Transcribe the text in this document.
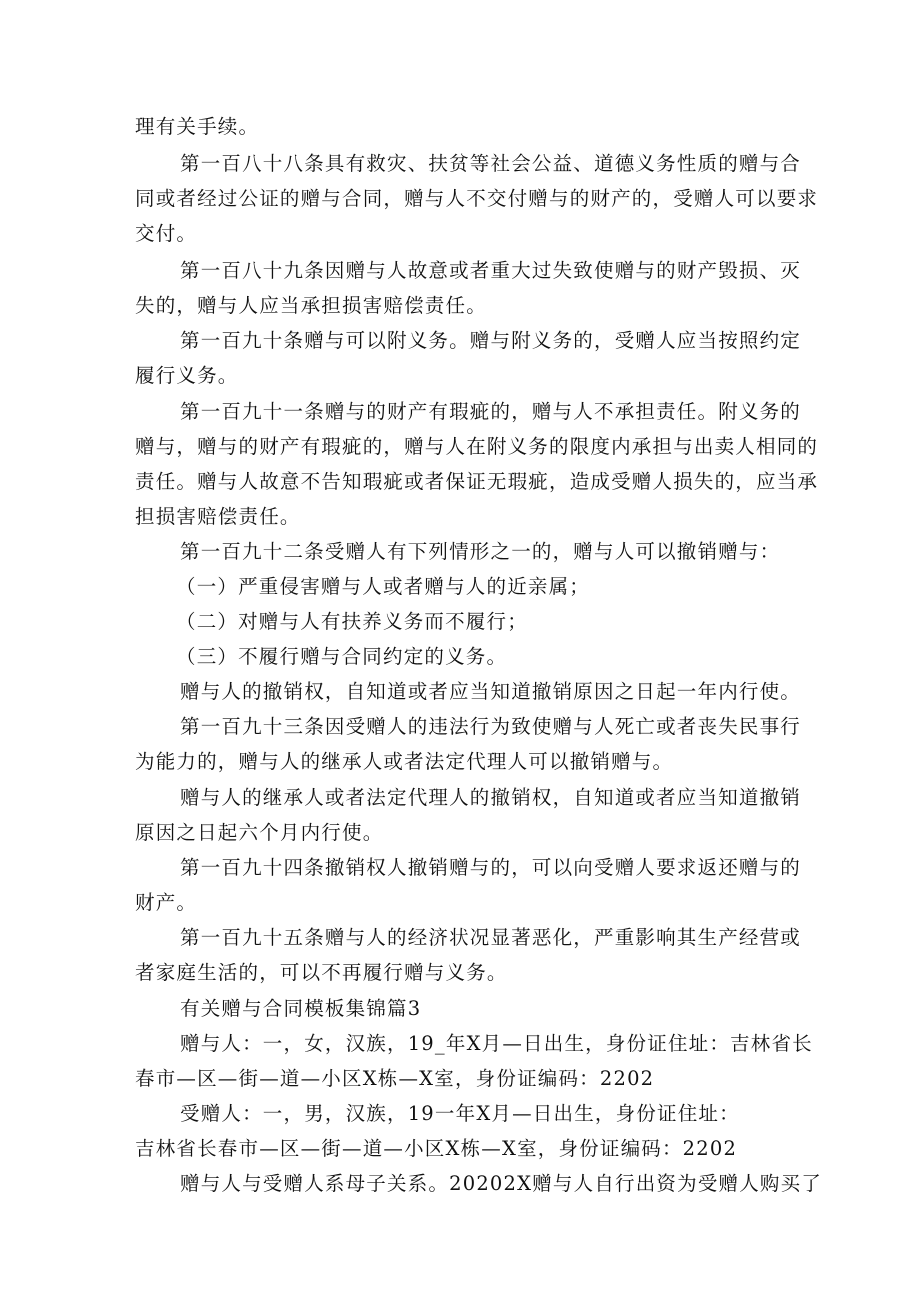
理有关手续。
第一百八十八条具有救灾、扶贫等社会公益、道德义务性质的赠与合
同或者经过公证的赠与合同，赠与人不交付赠与的财产的，受赠人可以要求
交付。
第一百八十九条因赠与人故意或者重大过失致使赠与的财产毁损、灭
失的，赠与人应当承担损害赔偿责任。
第一百九十条赠与可以附义务。赠与附义务的，受赠人应当按照约定
履行义务。
第一百九十一条赠与的财产有瑕疵的，赠与人不承担责任。附义务的
赠与，赠与的财产有瑕疵的，赠与人在附义务的限度内承担与出卖人相同的
责任。赠与人故意不告知瑕疵或者保证无瑕疵，造成受赠人损失的，应当承
担损害赔偿责任。
第一百九十二条受赠人有下列情形之一的，赠与人可以撤销赠与：
（一）严重侵害赠与人或者赠与人的近亲属；
（二）对赠与人有扶养义务而不履行；
（三）不履行赠与合同约定的义务。
赠与人的撤销权，自知道或者应当知道撤销原因之日起一年内行使。
第一百九十三条因受赠人的违法行为致使赠与人死亡或者丧失民事行
为能力的，赠与人的继承人或者法定代理人可以撤销赠与。
赠与人的继承人或者法定代理人的撤销权，自知道或者应当知道撤销
原因之日起六个月内行使。
第一百九十四条撤销权人撤销赠与的，可以向受赠人要求返还赠与的
财产。
第一百九十五条赠与人的经济状况显著恶化，严重影响其生产经营或
者家庭生活的，可以不再履行赠与义务。
有关赠与合同模板集锦篇3
赠与人：一，女，汉族，19_年X月—日出生，身份证住址：吉林省长
春市—区—街—道—小区X栋—X室，身份证编码：2202
受赠人：一，男，汉族，19一年X月—日出生，身份证住址：
吉林省长春市—区—街—道—小区X栋—X室，身份证编码：2202
赠与人与受赠人系母子关系。20202X赠与人自行出资为受赠人购买了
